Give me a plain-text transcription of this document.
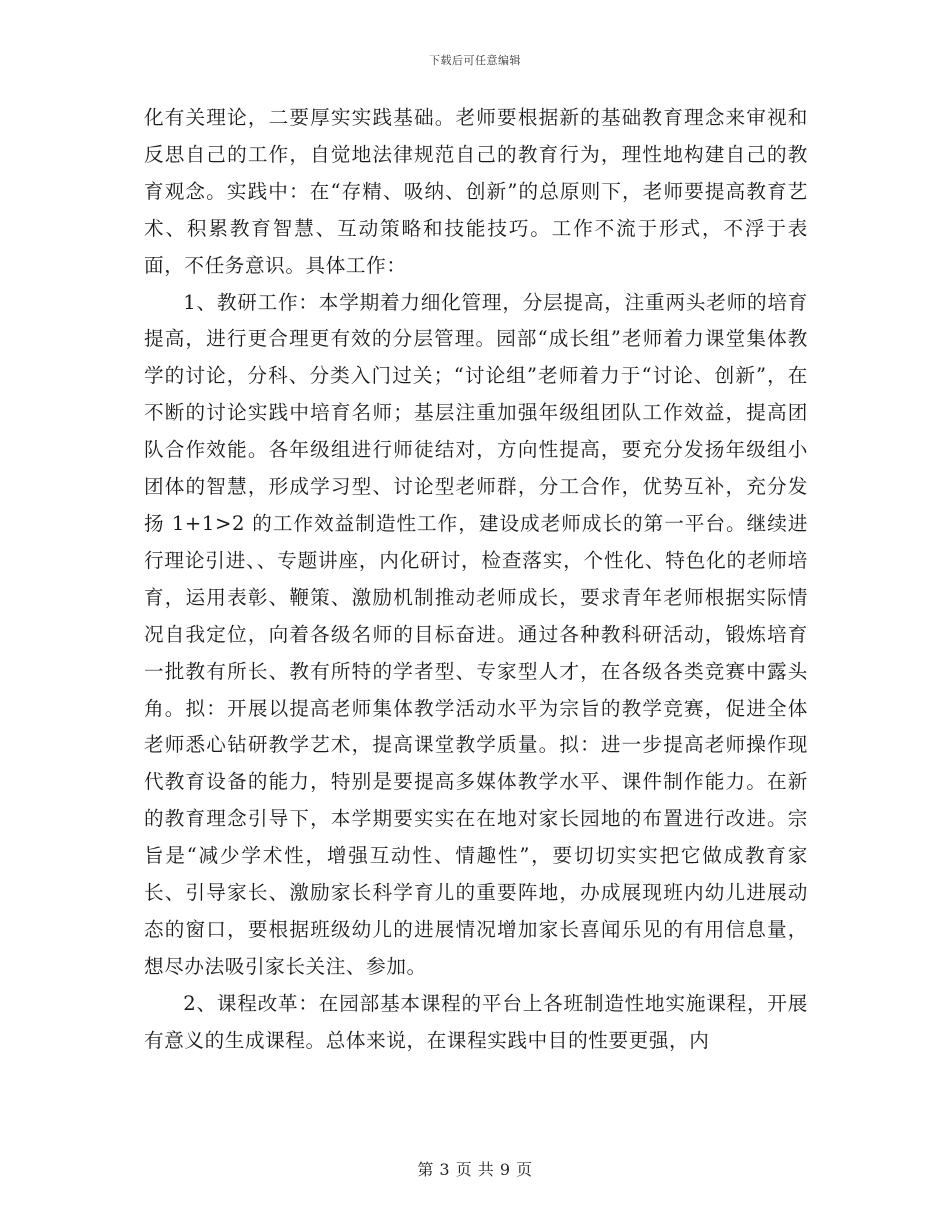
下载后可任意编辑

化有关理论，二要厚实实践基础。老师要根据新的基础教育理念来审视和反思自己的工作，自觉地法律规范自己的教育行为，理性地构建自己的教育观念。实践中：在“存精、吸纳、创新”的总原则下，老师要提高教育艺术、积累教育智慧、互动策略和技能技巧。工作不流于形式，不浮于表面，不任务意识。具体工作：

1、教研工作：本学期着力细化管理，分层提高，注重两头老师的培育提高，进行更合理更有效的分层管理。园部“成长组”老师着力课堂集体教学的讨论，分科、分类入门过关；“讨论组”老师着力于“讨论、创新”，在不断的讨论实践中培育名师；基层注重加强年级组团队工作效益，提高团队合作效能。各年级组进行师徒结对，方向性提高，要充分发扬年级组小团体的智慧，形成学习型、讨论型老师群，分工合作，优势互补，充分发扬 1+1>2 的工作效益制造性工作，建设成老师成长的第一平台。继续进行理论引进、、专题讲座，内化研讨，检查落实，个性化、特色化的老师培育，运用表彰、鞭策、激励机制推动老师成长，要求青年老师根据实际情况自我定位，向着各级名师的目标奋进。通过各种教科研活动，锻炼培育一批教有所长、教有所特的学者型、专家型人才，在各级各类竞赛中露头角。拟：开展以提高老师集体教学活动水平为宗旨的教学竞赛，促进全体老师悉心钻研教学艺术，提高课堂教学质量。拟：进一步提高老师操作现代教育设备的能力，特别是要提高多媒体教学水平、课件制作能力。在新的教育理念引导下，本学期要实实在在地对家长园地的布置进行改进。宗旨是“减少学术性，增强互动性、情趣性”，要切切实实把它做成教育家长、引导家长、激励家长科学育儿的重要阵地，办成展现班内幼儿进展动态的窗口，要根据班级幼儿的进展情况增加家长喜闻乐见的有用信息量，想尽办法吸引家长关注、参加。

2、课程改革：在园部基本课程的平台上各班制造性地实施课程，开展有意义的生成课程。总体来说，在课程实践中目的性要更强，内

第 3 页 共 9 页
